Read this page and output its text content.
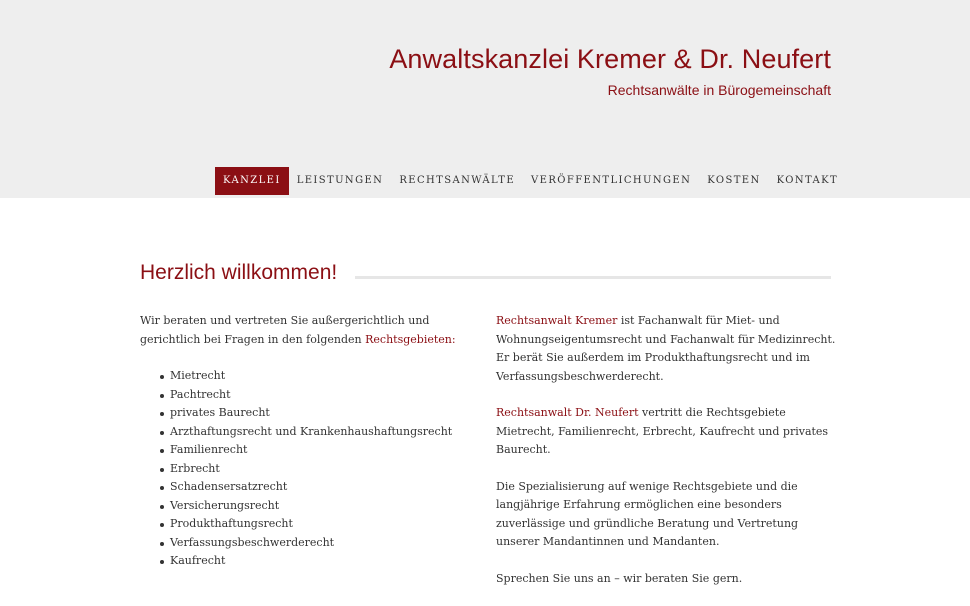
Anwaltskanzlei Kremer & Dr. Neufert
Rechtsanwälte in Bürogemeinschaft
KANZLEI	LEISTUNGEN	RECHTSANWÄLTE	VERÖFFENTLICHUNGEN	KOSTEN	KONTAKT
Herzlich willkommen!

Wir beraten und vertreten Sie außergerichtlich und gerichtlich bei Fragen in den folgenden Rechtsgebieten:

Mietrecht
Pachtrecht
privates Baurecht
Arzthaftungsrecht und Krankenhaushaftungsrecht
Familienrecht
Erbrecht
Schadensersatzrecht
Versicherungsrecht
Produkthaftungsrecht
Verfassungsbeschwerderecht
Kaufrecht

Rechtsanwalt Kremer ist Fachanwalt für Miet- und Wohnungseigentumsrecht und Fachanwalt für Medizinrecht.
Er berät Sie außerdem im Produkthaftungsrecht und im Verfassungsbeschwerderecht.

Rechtsanwalt Dr. Neufert vertritt die Rechtsgebiete Mietrecht, Familienrecht, Erbrecht, Kaufrecht und privates Baurecht.

Die Spezialisierung auf wenige Rechtsgebiete und die langjährige Erfahrung ermöglichen eine besonders zuverlässige und gründliche Beratung und Vertretung unserer Mandantinnen und Mandanten.

Sprechen Sie uns an – wir beraten Sie gern.
